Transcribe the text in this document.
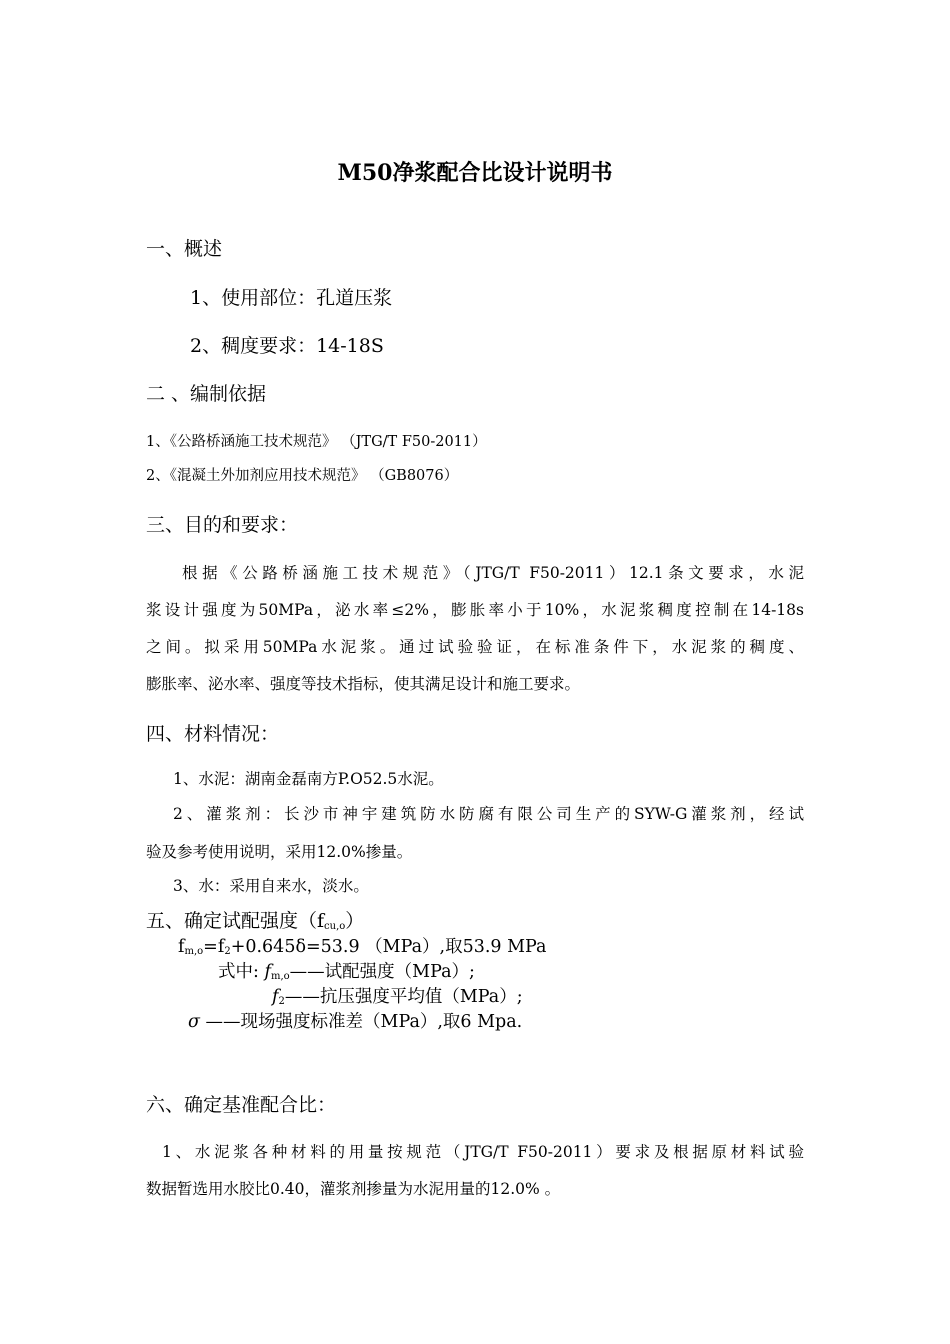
M50净浆配合比设计说明书
一、概述
1、使用部位：孔道压浆
2、稠度要求：14-18S
二 、编制依据
1、《公路桥涵施工技术规范》 （JTG/T F50-2011）
2、《混凝土外加剂应用技术规范》 （GB8076）
三、目的和要求：
根据《公路桥涵施工技术规范》（JTG/T F50-2011）12.1条文要求，水泥
浆设计强度为50MPa，泌水率≤2%，膨胀率小于10%，水泥浆稠度控制在14-18s
之间。拟采用50MPa水泥浆。通过试验验证，在标准条件下，水泥浆的稠度、
膨胀率、泌水率、强度等技术指标，使其满足设计和施工要求。
四、材料情况：
1、水泥：湖南金磊南方P.O52.5水泥。
2、灌浆剂：长沙市神宇建筑防水防腐有限公司生产的SYW-G灌浆剂，经试
验及参考使用说明，采用12.0%掺量。
3、水：采用自来水，淡水。
五、确定试配强度$(f_{cu,o})$
$f_{m,o}=f_2+0.645\delta=53.9$ （MPa）,取53.9 MPa
式中: $f_{m,o}——$试配强度（MPa）;
$f_2——$抗压强度平均值（MPa）;
σ ——现场强度标准差（MPa）,取6 Mpa.
六、确定基准配合比：
1、水泥浆各种材料的用量按规范（JTG/T F50-2011）要求及根据原材料试验
数据暂选用水胶比0.40，灌浆剂掺量为水泥用量的12.0% 。
